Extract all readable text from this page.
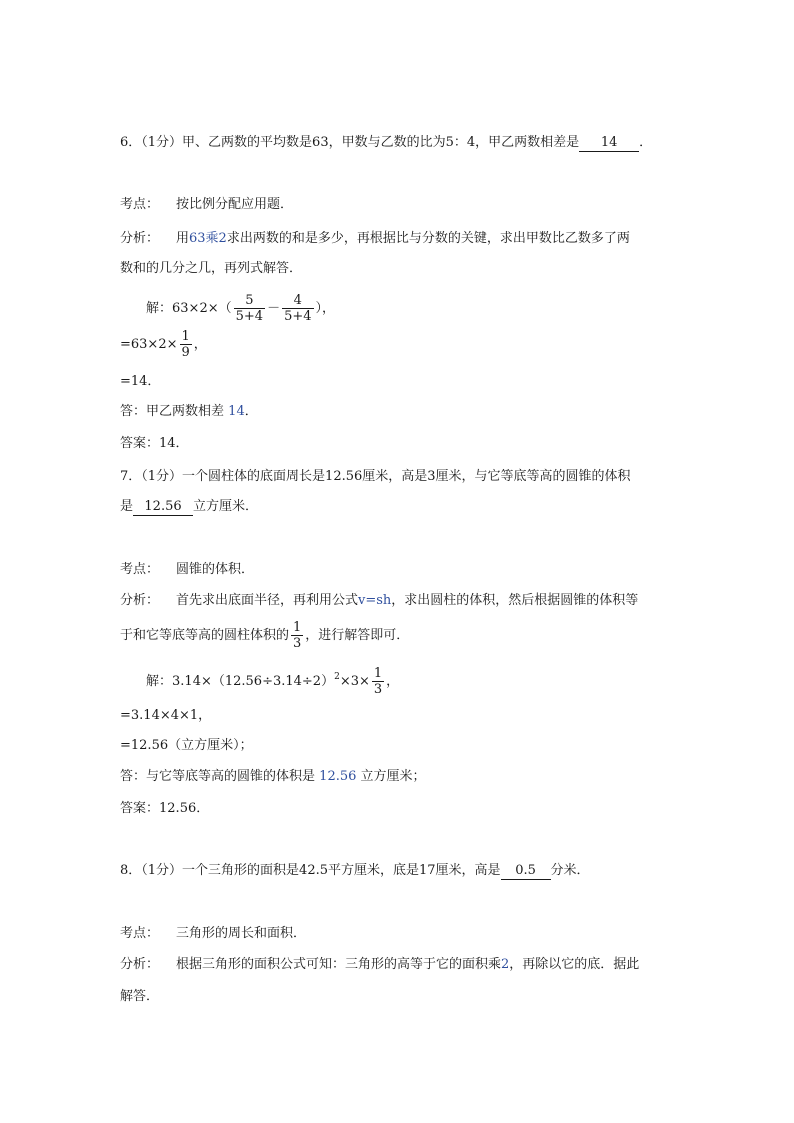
6．（1分）甲、乙两数的平均数是63，甲数与乙数的比为5：4，甲乙两数相差是 14 ．
考点： 按比例分配应用题．
分析： 用63乘2求出两数的和是多少，再根据比与分数的关键，求出甲数比乙数多了两
数和的几分之几，再列式解答．
解：$63\times 2\times( \frac{5}{5+4} - \frac{4}{5+4}$ ），
$=63\times 2\times \frac{1}{9}$ ，
=14．
答：甲乙两数相差 14．
答案：14．
7．（1分）一个圆柱体的底面周长是12.56厘米，高是3厘米，与它等底等高的圆锥的体积
是 12.56 立方厘米．
考点： 圆锥的体积．
分析： 首先求出底面半径，再利用公式v=sh，求出圆柱的体积，然后根据圆锥的体积等
于和它等底等高的圆柱体积的 $\frac{1}{3}$ ，进行解答即可．
解：$3.14\times(12.56\div 3.14\div 2)^2\times 3\times \frac{1}{3}$ ，
=3.14×4×1，
=12.56（立方厘米）；
答：与它等底等高的圆锥的体积是 12.56 立方厘米；
答案：12.56．
8．（1分）一个三角形的面积是42.5平方厘米，底是17厘米，高是 0.5 分米．
考点： 三角形的周长和面积．
分析： 根据三角形的面积公式可知：三角形的高等于它的面积乘2，再除以它的底．据此
解答．
